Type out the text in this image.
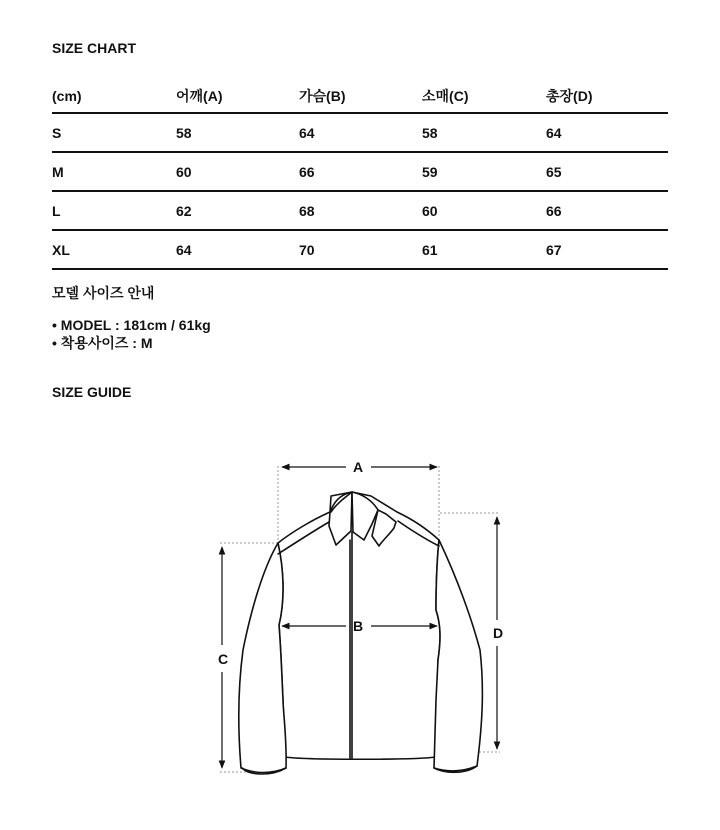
SIZE CHART
(cm)	어깨(A)	가슴(B)	소매(C)	총장(D)
S	58	64	58	64
M	60	66	59	65
L	62	68	60	66
XL	64	70	61	67
모델 사이즈 안내
• MODEL : 181cm / 61kg
• 착용사이즈 : M
SIZE GUIDE
A
B
C
D
